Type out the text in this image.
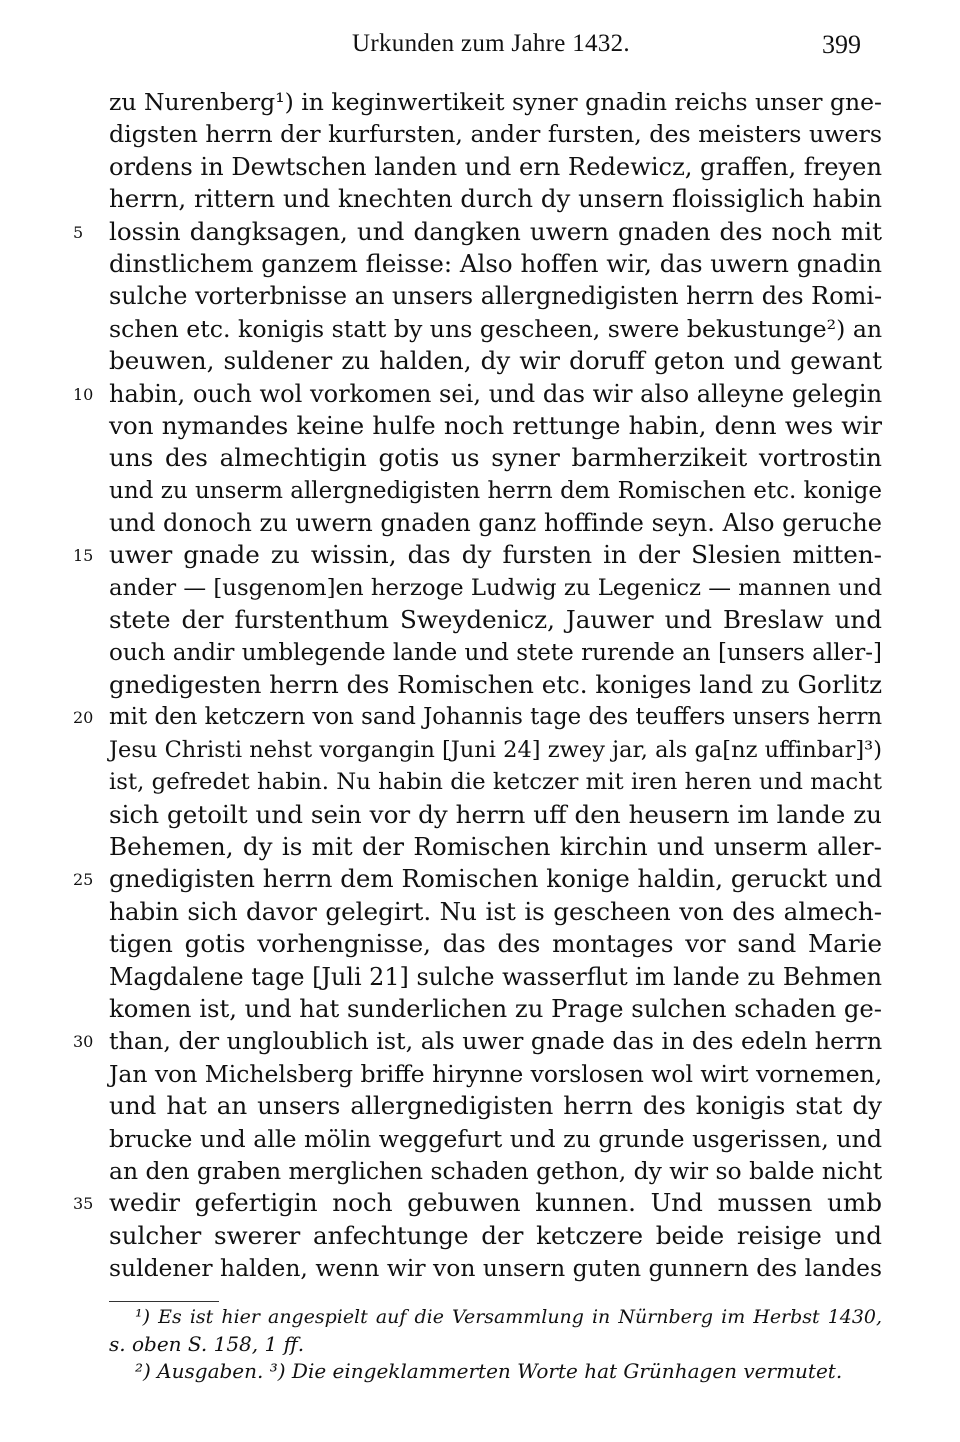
Urkunden zum Jahre 1432.	399
zu Nurenberg¹) in keginwertikeit syner gnadin reichs unser gne-
digsten herrn der kurfursten, ander fursten, des meisters uwers
ordens in Dewtschen landen und ern Redewicz, graffen, freyen
herrn, rittern und knechten durch dy unsern floissiglich habin
5	lossin dangksagen, und dangken uwern gnaden des noch mit
dinstlichem ganzem fleisse: Also hoffen wir, das uwern gnadin
sulche vorterbnisse an unsers allergnedigisten herrn des Romi-
schen etc. konigis statt by uns gescheen, swere bekustunge²) an
beuwen, suldener zu halden, dy wir doruff geton und gewant
10 habin, ouch wol vorkomen sei, und das wir also alleyne gelegin
von nymandes keine hulfe noch rettunge habin, denn wes wir
uns des almechtigin gotis us syner barmherzikeit vortrostin
und zu unserm allergnedigisten herrn dem Romischen etc. konige
und donoch zu uwern gnaden ganz hoffinde seyn. Also geruche
15 uwer gnade zu wissin, das dy fursten in der Slesien mitten-
ander — [usgenom]en herzoge Ludwig zu Legenicz — mannen und
stete der furstenthum Sweydenicz, Jauwer und Breslaw und
ouch andir umblegende lande und stete rurende an [unsers aller-]
gnedigesten herrn des Romischen etc. koniges land zu Gorlitz
20 mit den ketczern von sand Johannis tage des teuffers unsers herrn
Jesu Christi nehst vorgangin [Juni 24] zwey jar, als ga[nz uffinbar]³)
ist, gefredet habin. Nu habin die ketczer mit iren heren und macht
sich getoilt und sein vor dy herrn uff den heusern im lande zu
Behemen, dy is mit der Romischen kirchin und unserm aller-
25 gnedigisten herrn dem Romischen konige haldin, geruckt und
habin sich davor gelegirt. Nu ist is gescheen von des almech-
tigen gotis vorhengnisse, das des montages vor sand Marie
Magdalene tage [Juli 21] sulche wasserflut im lande zu Behmen
komen ist, und hat sunderlichen zu Prage sulchen schaden ge-
30 than, der ungloublich ist, als uwer gnade das in des edeln herrn
Jan von Michelsberg briffe hirynne vorslosen wol wirt vornemen,
und hat an unsers allergnedigisten herrn des konigis stat dy
brucke und alle mölin weggefurt und zu grunde usgerissen, und
an den graben merglichen schaden gethon, dy wir so balde nicht
35 wedir gefertigin noch gebuwen kunnen. Und mussen umb
sulcher swerer anfechtunge der ketczere beide reisige und
suldener halden, wenn wir von unsern guten gunnern des landes
¹) Es ist hier angespielt auf die Versammlung in Nürnberg im Herbst 1430,
s. oben S. 158, 1 ff.
²) Ausgaben. ³) Die eingeklammerten Worte hat Grünhagen vermutet.
